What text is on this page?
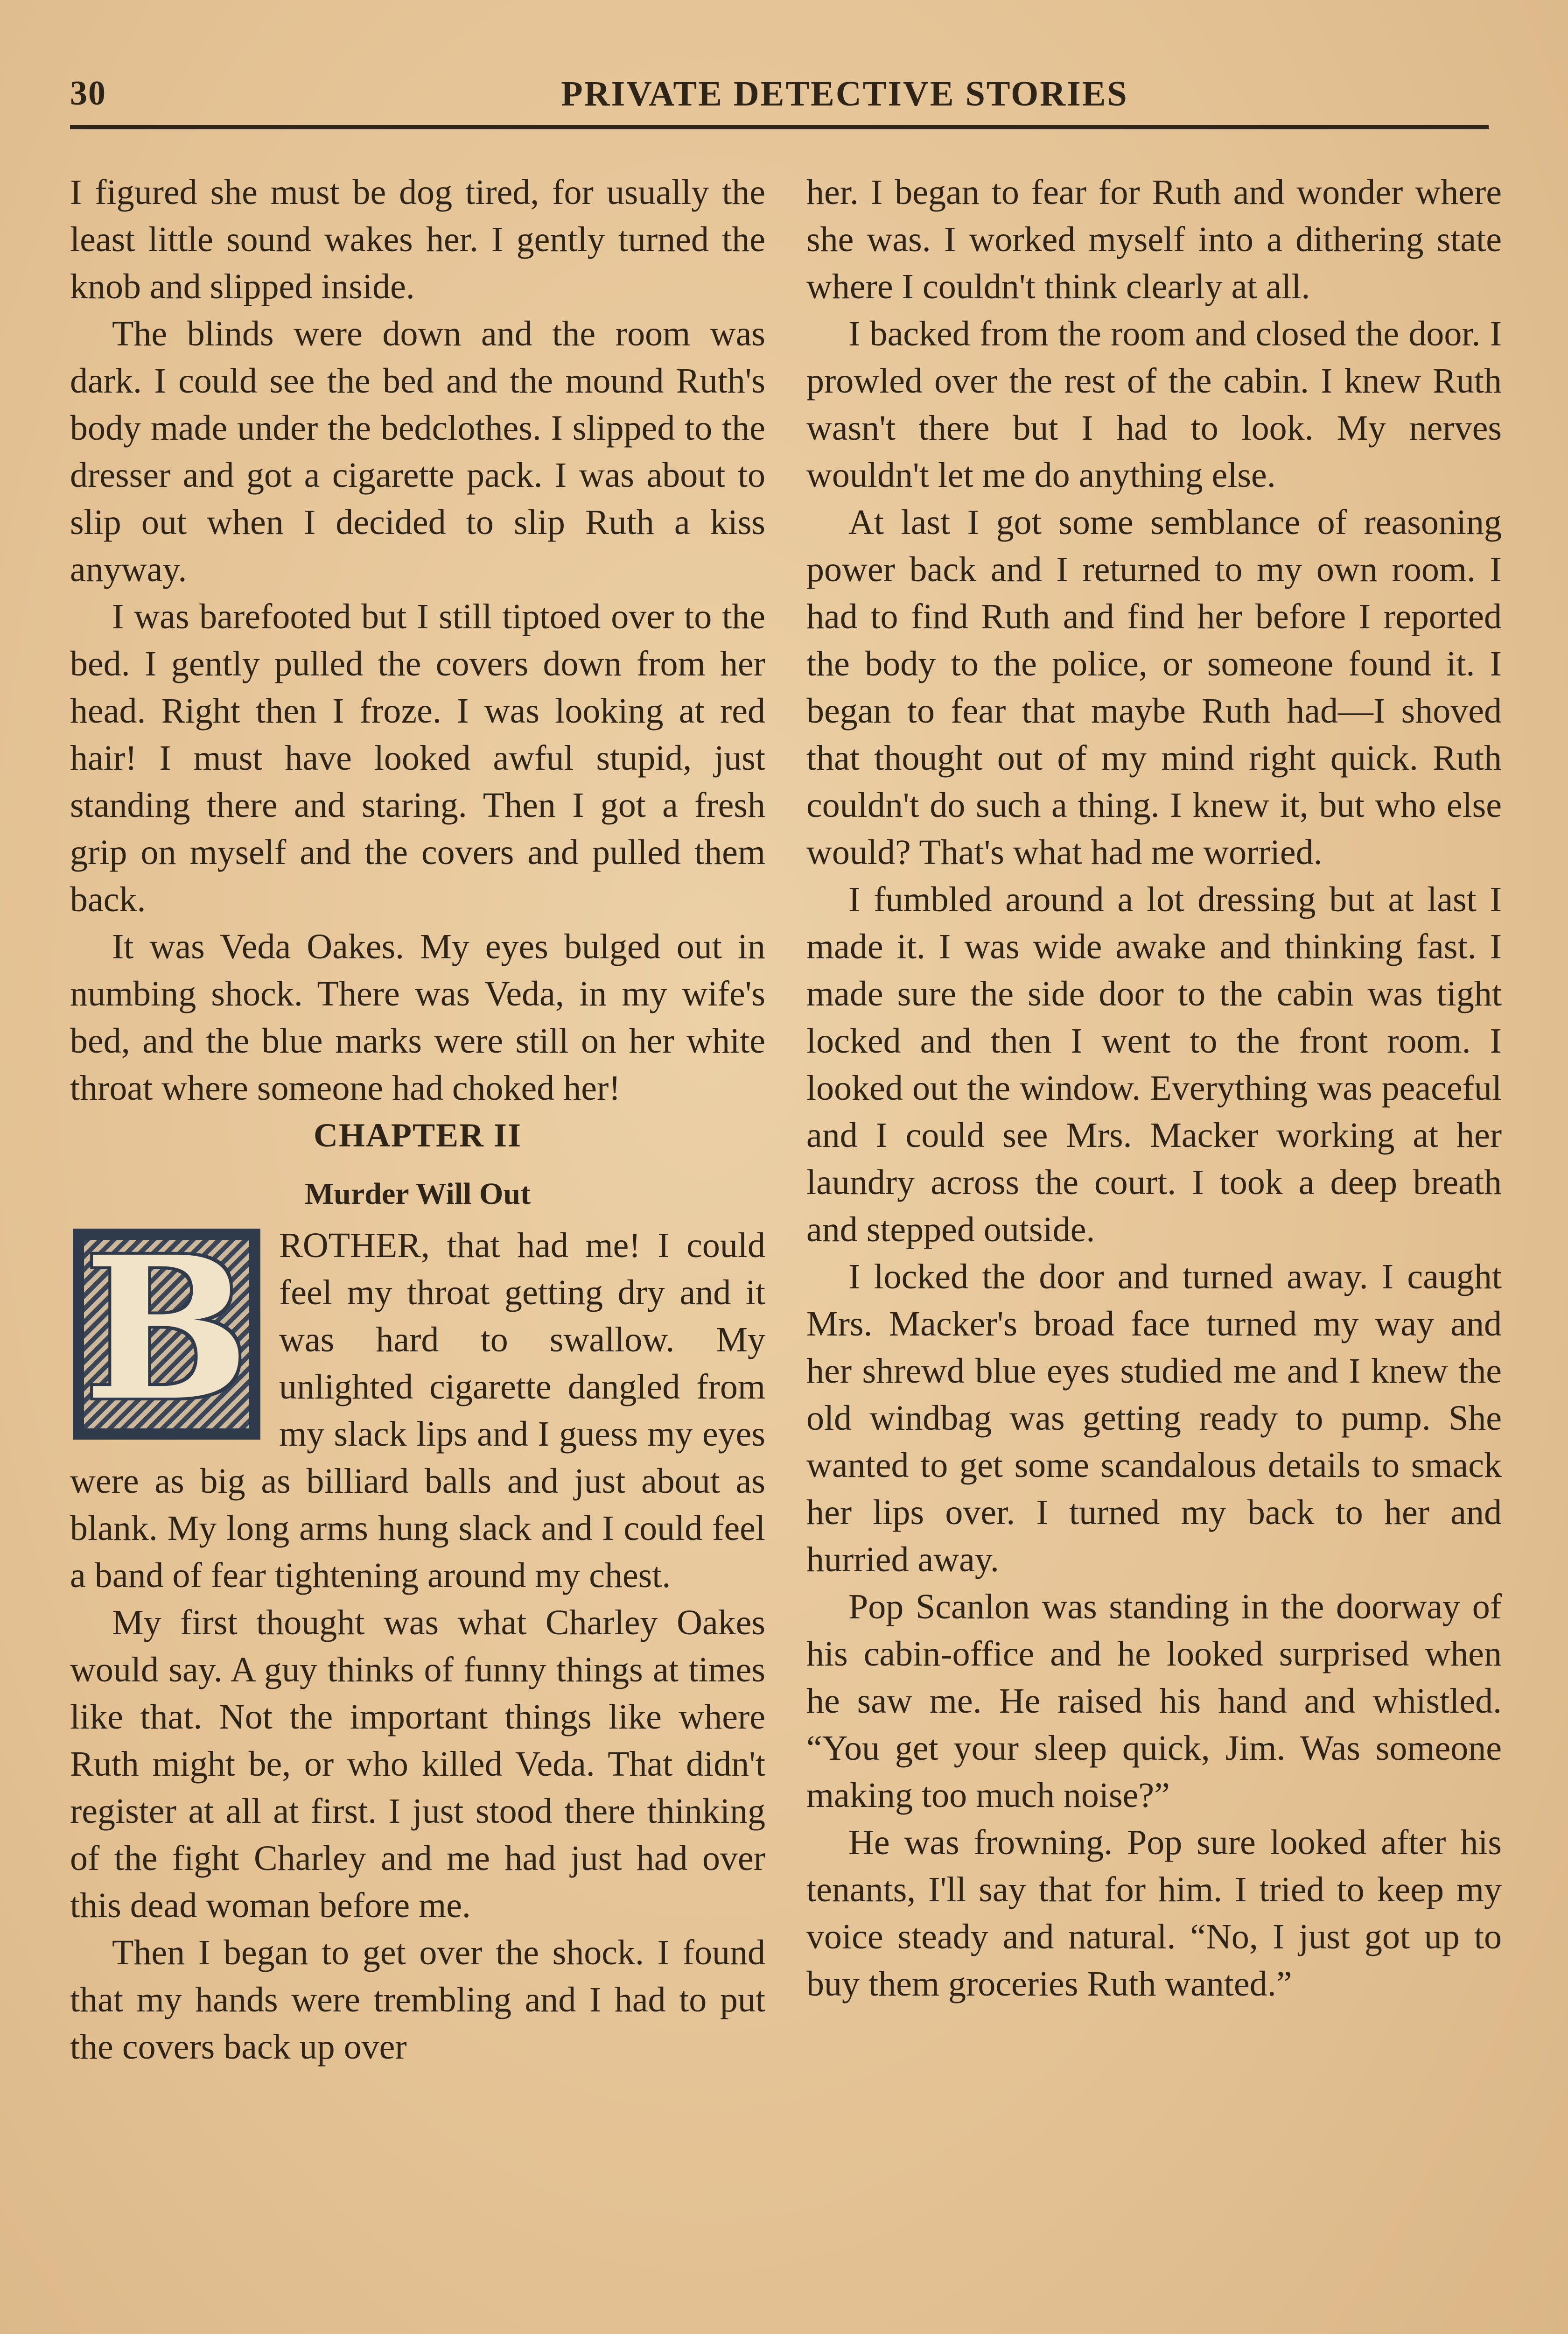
30	PRIVATE DETECTIVE STORIES

I figured she must be dog tired, for usually the least little sound wakes her. I gently turned the knob and slipped inside.

The blinds were down and the room was dark. I could see the bed and the mound Ruth's body made under the bedclothes. I slipped to the dresser and got a cigarette pack. I was about to slip out when I decided to slip Ruth a kiss anyway.

I was barefooted but I still tiptoed over to the bed. I gently pulled the covers down from her head. Right then I froze. I was looking at red hair! I must have looked awful stupid, just standing there and staring. Then I got a fresh grip on myself and the covers and pulled them back.

It was Veda Oakes. My eyes bulged out in numbing shock. There was Veda, in my wife's bed, and the blue marks were still on her white throat where someone had choked her!

CHAPTER II
Murder Will Out

B ROTHER, that had me! I could feel my throat getting dry and it was hard to swallow. My unlighted cigarette dangled from my slack lips and I guess my eyes were as big as billiard balls and just about as blank. My long arms hung slack and I could feel a band of fear tightening around my chest.

My first thought was what Charley Oakes would say. A guy thinks of funny things at times like that. Not the important things like where Ruth might be, or who killed Veda. That didn't register at all at first. I just stood there thinking of the fight Charley and me had just had over this dead woman before me.

Then I began to get over the shock. I found that my hands were trembling and I had to put the covers back up over

her. I began to fear for Ruth and wonder where she was. I worked myself into a dithering state where I couldn't think clearly at all.

I backed from the room and closed the door. I prowled over the rest of the cabin. I knew Ruth wasn't there but I had to look. My nerves wouldn't let me do anything else.

At last I got some semblance of reasoning power back and I returned to my own room. I had to find Ruth and find her before I reported the body to the police, or someone found it. I began to fear that maybe Ruth had—I shoved that thought out of my mind right quick. Ruth couldn't do such a thing. I knew it, but who else would? That's what had me worried.

I fumbled around a lot dressing but at last I made it. I was wide awake and thinking fast. I made sure the side door to the cabin was tight locked and then I went to the front room. I looked out the window. Everything was peaceful and I could see Mrs. Macker working at her laundry across the court. I took a deep breath and stepped outside.

I locked the door and turned away. I caught Mrs. Macker's broad face turned my way and her shrewd blue eyes studied me and I knew the old windbag was getting ready to pump. She wanted to get some scandalous details to smack her lips over. I turned my back to her and hurried away.

Pop Scanlon was standing in the doorway of his cabin-office and he looked surprised when he saw me. He raised his hand and whistled. “You get your sleep quick, Jim. Was someone making too much noise?”

He was frowning. Pop sure looked after his tenants, I'll say that for him. I tried to keep my voice steady and natural. “No, I just got up to buy them groceries Ruth wanted.”
